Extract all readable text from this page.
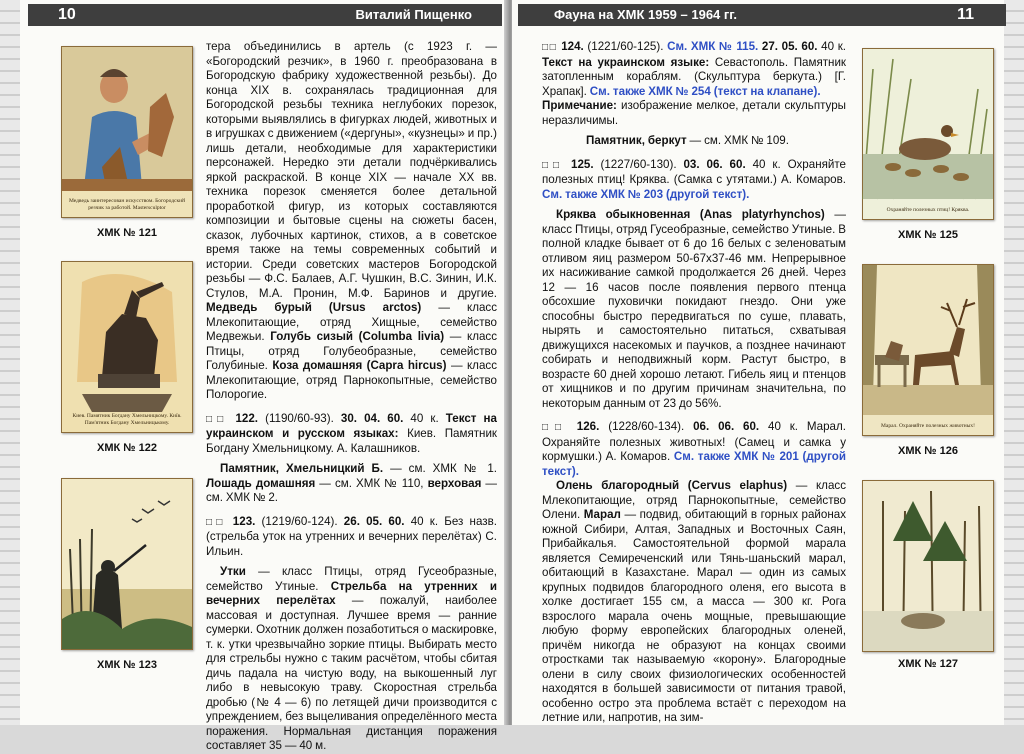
10	Виталий Пищенко
Медведь заинтересован искусством. Богородский резчик за работой. Mastersculptor
ХМК № 121
Киев. Памятник Богдану Хмельницкому. Київ. Пам'ятник Богдану Хмельницькому.
ХМК № 122
ХМК № 123

тера объединились в артель (с 1923 г. — «Богородский резчик», в 1960 г. преобразована в Богородскую фабрику художественной резьбы). До конца XIX в. сохранялась традиционная для Богородской резьбы техника неглубоких порезок, которыми выявлялись в фигурках людей, животных и в игрушках с движением («дергуны», «кузнецы» и пр.) лишь детали, необходимые для характеристики персонажей. Нередко эти детали подчёркивались яркой раскраской. В конце XIX — начале XX вв. техника порезок сменяется более детальной проработкой фигур, из которых составляются композиции и бытовые сцены на сюжеты басен, сказок, лубочных картинок, стихов, а в советское время также на темы современных событий и истории. Среди советских мастеров Богородской резьбы — Ф.С. Балаев, А.Г. Чушкин, В.С. Зинин, И.К. Стулов, М.А. Пронин, М.Ф. Баринов и другие. Медведь бурый (Ursus arctos) — класс Млекопитающие, отряд Хищные, семейство Медвежьи. Голубь сизый (Columba livia) — класс Птицы, отряд Голубеобразные, семейство Голубиные. Коза домашняя (Capra hircus) — класс Млекопитающие, отряд Парнокопытные, семейство Полорогие.

□□ 122. (1190/60-93). 30. 04. 60. 40 к. Текст на украинском и русском языках: Киев. Памятник Богдану Хмельницкому. А. Калашников.

Памятник, Хмельницкий Б. — см. ХМК № 1. Лошадь домашняя — см. ХМК № 110, верховая — см. ХМК № 2.

□□ 123. (1219/60-124). 26. 05. 60. 40 к. Без назв. (стрельба уток на утренних и вечерних перелётах) С. Ильин.

Утки — класс Птицы, отряд Гусеобразные, семейство Утиные. Стрельба на утренних и вечерних перелётах — пожалуй, наиболее массовая и доступная. Лучшее время — ранние сумерки. Охотник должен позаботиться о маскировке, т. к. утки чрезвычайно зоркие птицы. Выбирать место для стрельбы нужно с таким расчётом, чтобы сбитая дичь падала на чистую воду, на выкошенный луг либо в невысокую траву. Скоростная стрельба дробью (№ 4 — 6) по летящей дичи производится с упреждением, без выцеливания определённого места поражения. Нормальная дистанция поражения составляет 35 — 40 м.

Фауна на ХМК 1959 – 1964 гг.	11

□□ 124. (1221/60-125). См. ХМК № 115. 27. 05. 60. 40 к. Текст на украинском языке: Севастополь. Памятник затопленным кораблям. (Скульптура беркута.) [Г. Храпак]. См. также ХМК № 254 (текст на клапане).

Примечание: изображение мелкое, детали скульптуры неразличимы.

Памятник, беркут — см. ХМК № 109.

□□ 125. (1227/60-130). 03. 06. 60. 40 к. Охраняйте полезных птиц! Кряква. (Самка с утятами.) А. Комаров. См. также ХМК № 203 (другой текст).

Кряква обыкновенная (Anas platyrhynchos) — класс Птицы, отряд Гусеобразные, семейство Утиные. В полной кладке бывает от 6 до 16 белых с зеленоватым отливом яиц размером 50-67х37-46 мм. Непрерывное их насиживание самкой продолжается 26 дней. Через 12 — 16 часов после появления первого птенца обсохшие пуховички покидают гнездо. Они уже способны быстро передвигаться по суше, плавать, нырять и самостоятельно питаться, схватывая движущихся насекомых и паучков, а позднее начинают собирать и неподвижный корм. Растут быстро, в возрасте 60 дней хорошо летают. Гибель яиц и птенцов от хищников и по другим причинам значительна, по некоторым данным от 23 до 56%.

□□ 126. (1228/60-134). 06. 06. 60. 40 к. Марал. Охраняйте полезных животных! (Самец и самка у кормушки.) А. Комаров. См. также ХМК № 201 (другой текст).

Олень благородный (Cervus elaphus) — класс Млекопитающие, отряд Парнокопытные, семейство Олени. Марал — подвид, обитающий в горных районах южной Сибири, Алтая, Западных и Восточных Саян, Прибайкалья. Самостоятельной формой марала является Семиреченский или Тянь-шаньский марал, обитающий в Казахстане. Марал — один из самых крупных подвидов благородного оленя, его высота в холке достигает 155 см, а масса — 300 кг. Рога взрослого марала очень мощные, превышающие любую форму европейских благородных оленей, причём никогда не образуют на концах своими отростками так называемую «корону». Благородные олени в силу своих физиологических особенностей находятся в большей зависимости от питания травой, особенно остро эта проблема встаёт с переходом на летние или, напротив, на зим-

Охраняйте полезных птиц! Кряква.
ХМК № 125
Марал. Охраняйте полезных животных!
ХМК № 126
ХМК № 127
